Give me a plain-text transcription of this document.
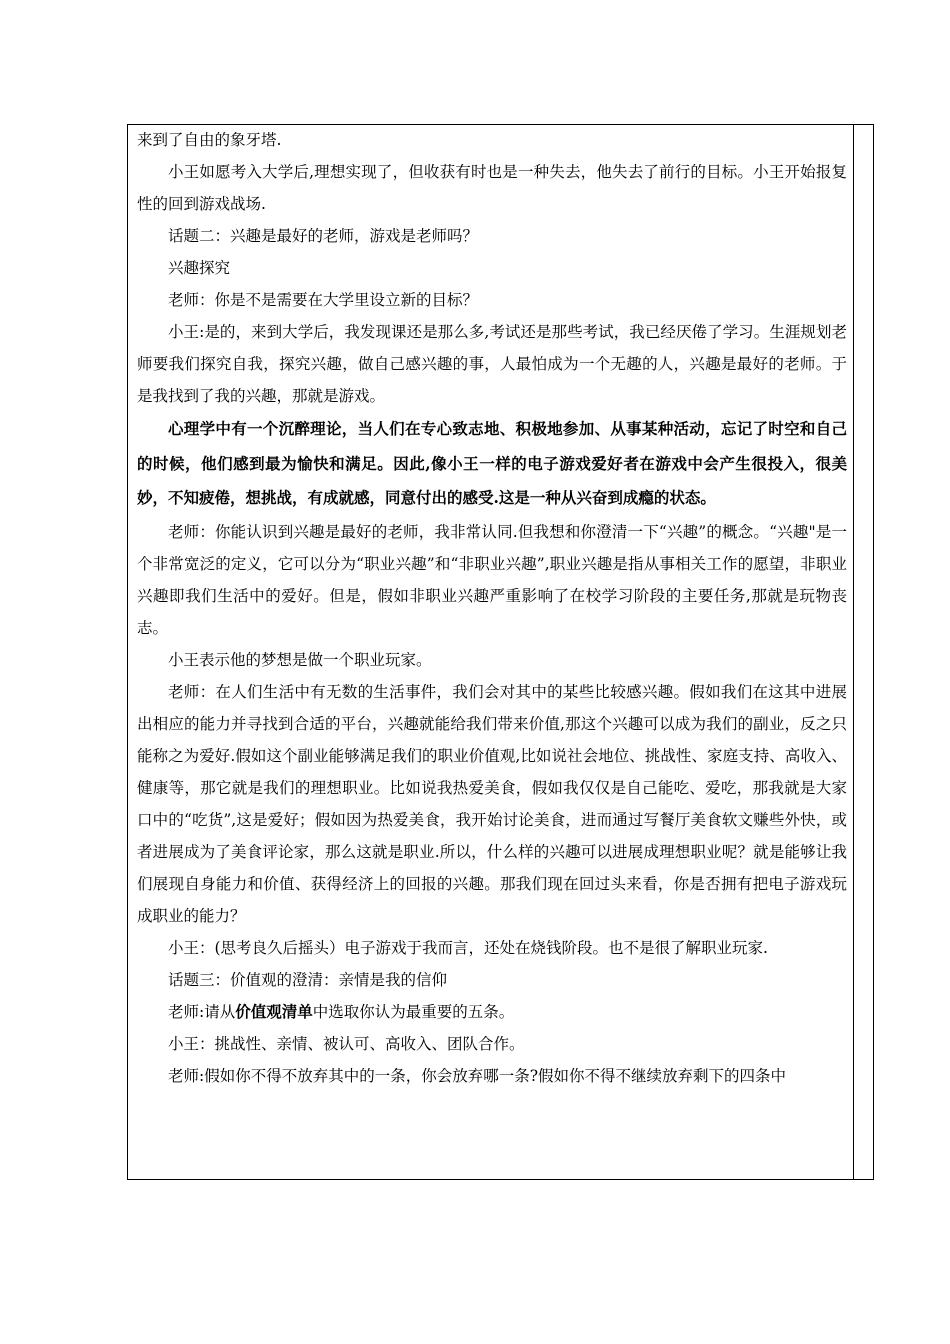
来到了自由的象牙塔.

小王如愿考入大学后,理想实现了，但收获有时也是一种失去，他失去了前行的目标。小王开始报复性的回到游戏战场.

话题二：兴趣是最好的老师，游戏是老师吗？

兴趣探究

老师：你是不是需要在大学里设立新的目标？

小王:是的，来到大学后，我发现课还是那么多,考试还是那些考试，我已经厌倦了学习。生涯规划老师要我们探究自我，探究兴趣，做自己感兴趣的事，人最怕成为一个无趣的人，兴趣是最好的老师。于是我找到了我的兴趣，那就是游戏。

心理学中有一个沉醉理论，当人们在专心致志地、积极地参加、从事某种活动，忘记了时空和自己的时候，他们感到最为愉快和满足。因此,像小王一样的电子游戏爱好者在游戏中会产生很投入，很美妙，不知疲倦，想挑战，有成就感，同意付出的感受.这是一种从兴奋到成瘾的状态。

老师：你能认识到兴趣是最好的老师，我非常认同.但我想和你澄清一下“兴趣”的概念。“兴趣"是一个非常宽泛的定义，它可以分为“职业兴趣”和“非职业兴趣”,职业兴趣是指从事相关工作的愿望，非职业兴趣即我们生活中的爱好。但是，假如非职业兴趣严重影响了在校学习阶段的主要任务,那就是玩物丧志。

小王表示他的梦想是做一个职业玩家。

老师：在人们生活中有无数的生活事件，我们会对其中的某些比较感兴趣。假如我们在这其中进展出相应的能力并寻找到合适的平台，兴趣就能给我们带来价值,那这个兴趣可以成为我们的副业，反之只能称之为爱好.假如这个副业能够满足我们的职业价值观,比如说社会地位、挑战性、家庭支持、高收入、健康等，那它就是我们的理想职业。比如说我热爱美食，假如我仅仅是自己能吃、爱吃，那我就是大家口中的“吃货”,这是爱好；假如因为热爱美食，我开始讨论美食，进而通过写餐厅美食软文赚些外快，或者进展成为了美食评论家，那么这就是职业.所以，什么样的兴趣可以进展成理想职业呢？就是能够让我们展现自身能力和价值、获得经济上的回报的兴趣。那我们现在回过头来看，你是否拥有把电子游戏玩成职业的能力？

小王：(思考良久后摇头）电子游戏于我而言，还处在烧钱阶段。也不是很了解职业玩家.

话题三：价值观的澄清：亲情是我的信仰

老师:请从价值观清单中选取你认为最重要的五条。

小王：挑战性、亲情、被认可、高收入、团队合作。

老师:假如你不得不放弃其中的一条，你会放弃哪一条?假如你不得不继续放弃剩下的四条中
